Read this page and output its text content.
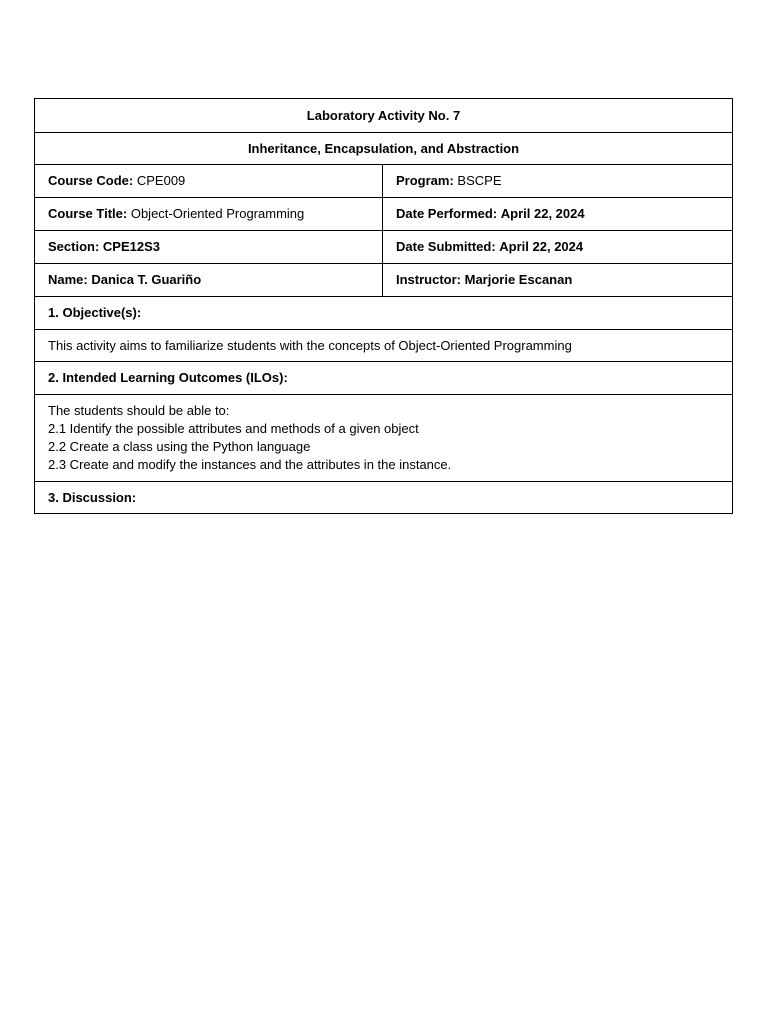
Laboratory Activity No. 7	
Inheritance, Encapsulation, and Abstraction	
Course Code: CPE009	Program: BSCPE
Course Title: Object-Oriented Programming	Date Performed: April 22, 2024
Section: CPE12S3	Date Submitted: April 22, 2024
Name: Danica T. Guariño	Instructor: Marjorie Escanan
1. Objective(s):	
This activity aims to familiarize students with the concepts of Object-Oriented Programming	
2. Intended Learning Outcomes (ILOs):	

The students should be able to:
2.1 Identify the possible attributes and methods of a given object
2.2 Create a class using the Python language
2.3 Create and modify the instances and the attributes in the instance.	

3. Discussion:	
